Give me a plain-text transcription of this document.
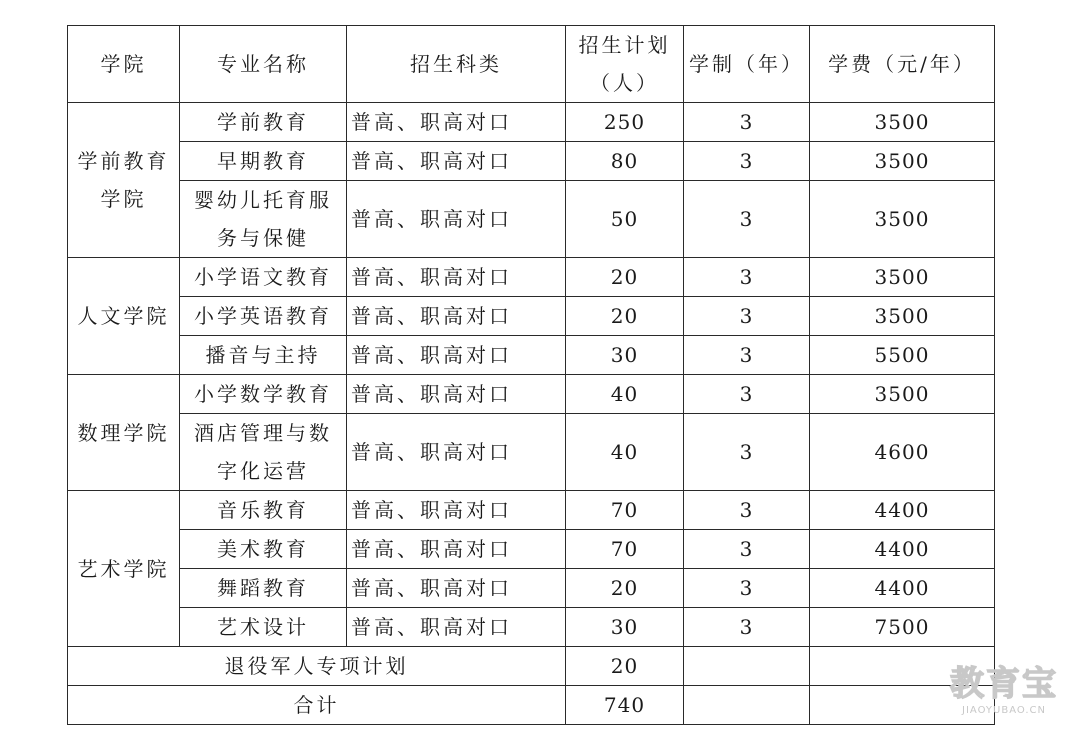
学院	专业名称	招生科类	招生计划（人）	学制（年）	学费（元/年）
学前教育学院	学前教育	普高、职高对口	250	3	3500
	早期教育	普高、职高对口	80	3	3500
	婴幼儿托育服务与保健	普高、职高对口	50	3	3500
人文学院	小学语文教育	普高、职高对口	20	3	3500
	小学英语教育	普高、职高对口	20	3	3500
	播音与主持	普高、职高对口	30	3	5500
数理学院	小学数学教育	普高、职高对口	40	3	3500
	酒店管理与数字化运营	普高、职高对口	40	3	4600
艺术学院	音乐教育	普高、职高对口	70	3	4400
	美术教育	普高、职高对口	70	3	4400
	舞蹈教育	普高、职高对口	20	3	4400
	艺术设计	普高、职高对口	30	3	7500
退役军人专项计划			20		
合计			740		
教育宝
JIAOYUBAO.CN
